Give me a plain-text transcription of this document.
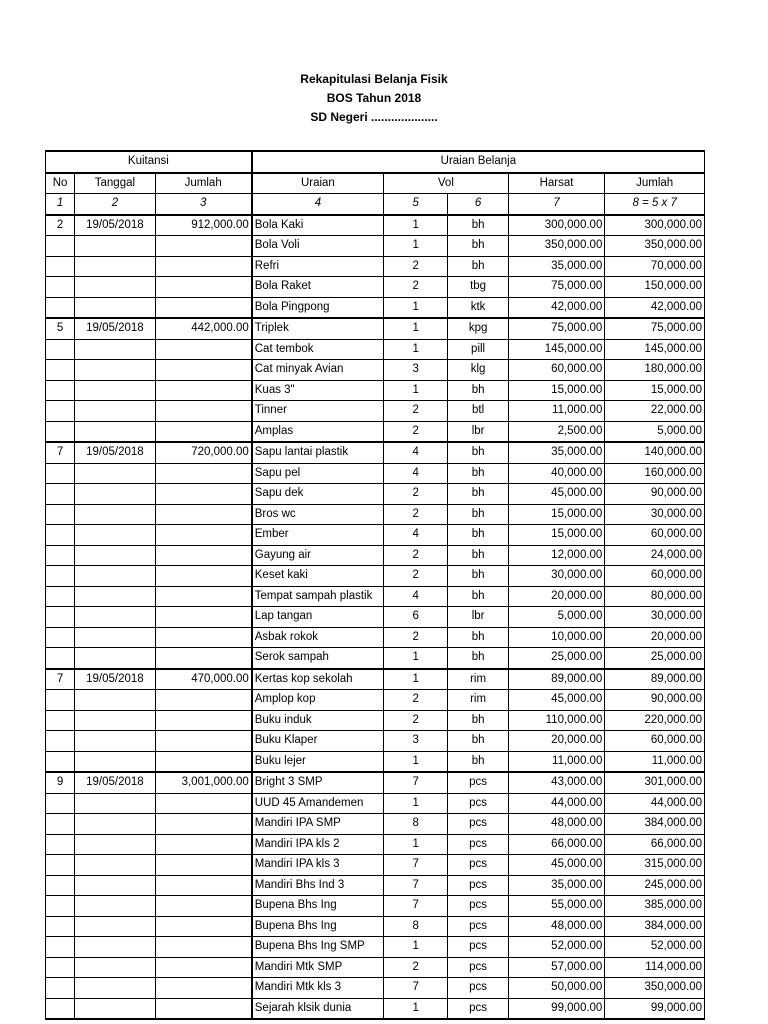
Rekapitulasi Belanja Fisik
BOS Tahun 2018
SD Negeri ....................
Kuitansi			Uraian Belanja				
No	Tanggal	Jumlah	Uraian	Vol		Harsat	Jumlah
1	2	3	4	5	6	7	8 = 5 x 7
2	19/05/2018	912,000.00	Bola Kaki	1	bh	300,000.00	300,000.00
			Bola Voli	1	bh	350,000.00	350,000.00
			Refri	2	bh	35,000.00	70,000.00
			Bola Raket	2	tbg	75,000.00	150,000.00
			Bola Pingpong	1	ktk	42,000.00	42,000.00
5	19/05/2018	442,000.00	Triplek	1	kpg	75,000.00	75,000.00
			Cat tembok	1	pill	145,000.00	145,000.00
			Cat minyak Avian	3	klg	60,000.00	180,000.00
			Kuas 3"	1	bh	15,000.00	15,000.00
			Tinner	2	btl	11,000.00	22,000.00
			Amplas	2	lbr	2,500.00	5,000.00
7	19/05/2018	720,000.00	Sapu lantai plastik	4	bh	35,000.00	140,000.00
			Sapu pel	4	bh	40,000.00	160,000.00
			Sapu dek	2	bh	45,000.00	90,000.00
			Bros wc	2	bh	15,000.00	30,000.00
			Ember	4	bh	15,000.00	60,000.00
			Gayung air	2	bh	12,000.00	24,000.00
			Keset kaki	2	bh	30,000.00	60,000.00
			Tempat sampah plastik	4	bh	20,000.00	80,000.00
			Lap tangan	6	lbr	5,000.00	30,000.00
			Asbak rokok	2	bh	10,000.00	20,000.00
			Serok sampah	1	bh	25,000.00	25,000.00
7	19/05/2018	470,000.00	Kertas kop sekolah	1	rim	89,000.00	89,000.00
			Amplop kop	2	rim	45,000.00	90,000.00
			Buku induk	2	bh	110,000.00	220,000.00
			Buku Klaper	3	bh	20,000.00	60,000.00
			Buku lejer	1	bh	11,000.00	11,000.00
9	19/05/2018	3,001,000.00	Bright 3 SMP	7	pcs	43,000.00	301,000.00
			UUD 45 Amandemen	1	pcs	44,000.00	44,000.00
			Mandiri IPA SMP	8	pcs	48,000.00	384,000.00
			Mandiri IPA kls 2	1	pcs	66,000.00	66,000.00
			Mandiri IPA kls 3	7	pcs	45,000.00	315,000.00
			Mandiri Bhs Ind 3	7	pcs	35,000.00	245,000.00
			Bupena Bhs Ing	7	pcs	55,000.00	385,000.00
			Bupena Bhs Ing	8	pcs	48,000.00	384,000.00
			Bupena Bhs Ing SMP	1	pcs	52,000.00	52,000.00
			Mandiri Mtk SMP	2	pcs	57,000.00	114,000.00
			Mandiri Mtk kls 3	7	pcs	50,000.00	350,000.00
			Sejarah klsik dunia	1	pcs	99,000.00	99,000.00
